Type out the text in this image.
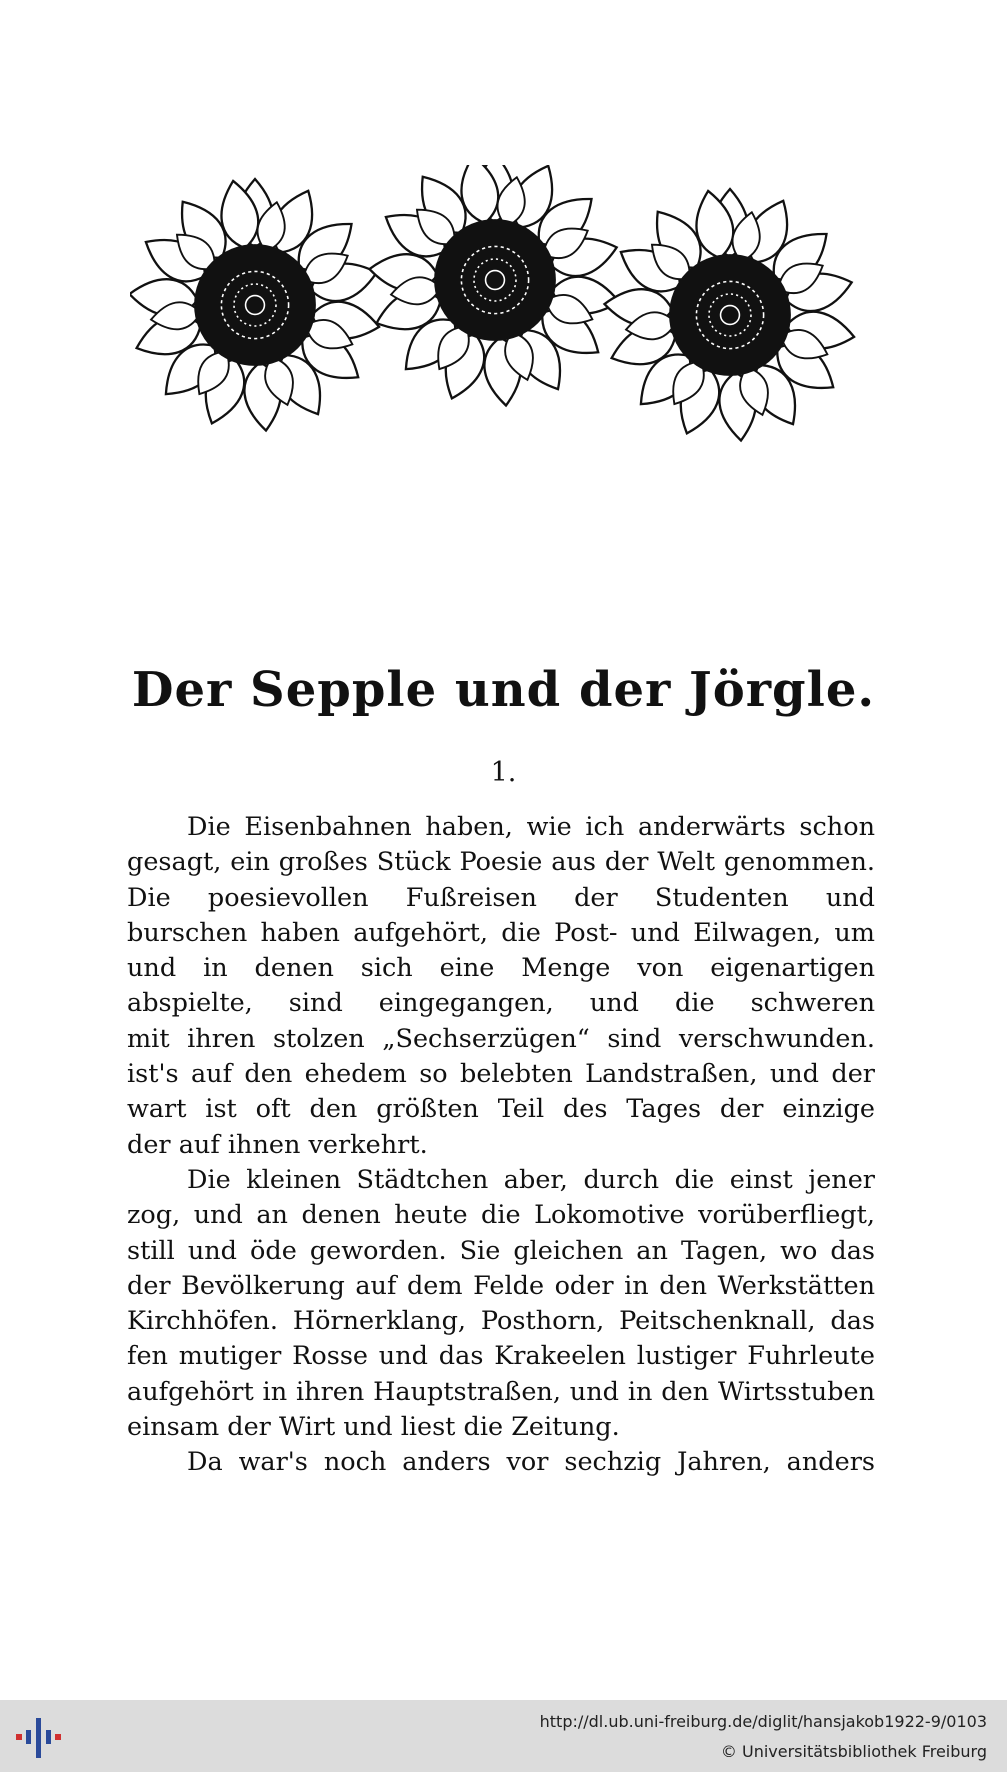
Der Sepple und der Jörgle.
1.
Die Eisenbahnen haben, wie ich anderwärts schon
gesagt, ein großes Stück Poesie aus der Welt genommen.
Die poesievollen Fußreisen der Studenten und
burschen haben aufgehört, die Post- und Eilwagen, um
und in denen sich eine Menge von eigenartigen
abspielte, sind eingegangen, und die schweren
mit ihren stolzen „Sechserzügen“ sind verschwunden.
ist's auf den ehedem so belebten Landstraßen, und der
wart ist oft den größten Teil des Tages der einzige
der auf ihnen verkehrt.
Die kleinen Städtchen aber, durch die einst jener
zog, und an denen heute die Lokomotive vorüberfliegt,
still und öde geworden. Sie gleichen an Tagen, wo das
der Bevölkerung auf dem Felde oder in den Werkstätten
Kirchhöfen. Hörnerklang, Posthorn, Peitschenknall, das
fen mutiger Rosse und das Krakeelen lustiger Fuhrleute
aufgehört in ihren Hauptstraßen, und in den Wirtsstuben
einsam der Wirt und liest die Zeitung.
Da war's noch anders vor sechzig Jahren, anders
http://dl.ub.uni-freiburg.de/diglit/hansjakob1922-9/0103
© Universitätsbibliothek Freiburg
